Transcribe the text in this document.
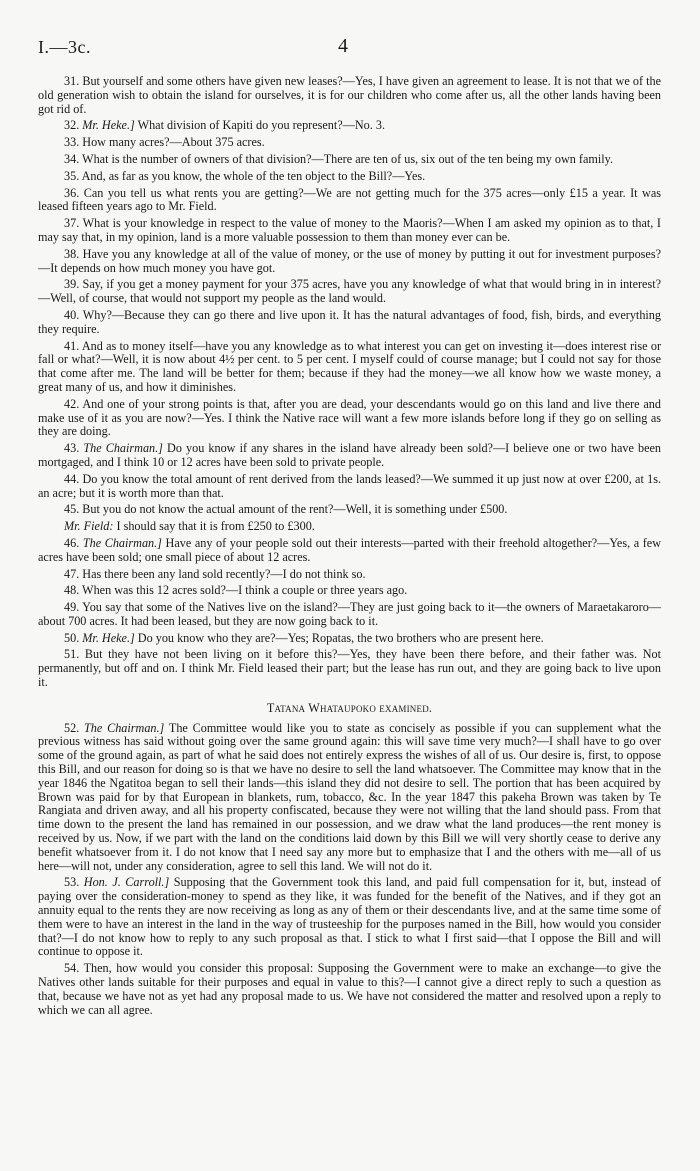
I.—3c.	4

31. But yourself and some others have given new leases?—Yes, I have given an agreement to lease. It is not that we of the old generation wish to obtain the island for ourselves, it is for our children who come after us, all the other lands having been got rid of.

32. Mr. Heke.] What division of Kapiti do you represent?—No. 3.

33. How many acres?—About 375 acres.

34. What is the number of owners of that division?—There are ten of us, six out of the ten being my own family.

35. And, as far as you know, the whole of the ten object to the Bill?—Yes.

36. Can you tell us what rents you are getting?—We are not getting much for the 375 acres—only £15 a year. It was leased fifteen years ago to Mr. Field.

37. What is your knowledge in respect to the value of money to the Maoris?—When I am asked my opinion as to that, I may say that, in my opinion, land is a more valuable possession to them than money ever can be.

38. Have you any knowledge at all of the value of money, or the use of money by putting it out for investment purposes?—It depends on how much money you have got.

39. Say, if you get a money payment for your 375 acres, have you any knowledge of what that would bring in in interest?—Well, of course, that would not support my people as the land would.

40. Why?—Because they can go there and live upon it. It has the natural advantages of food, fish, birds, and everything they require.

41. And as to money itself—have you any knowledge as to what interest you can get on investing it—does interest rise or fall or what?—Well, it is now about 4½ per cent. to 5 per cent. I myself could of course manage; but I could not say for those that come after me. The land will be better for them; because if they had the money—we all know how we waste money, a great many of us, and how it diminishes.

42. And one of your strong points is that, after you are dead, your descendants would go on this land and live there and make use of it as you are now?—Yes. I think the Native race will want a few more islands before long if they go on selling as they are doing.

43. The Chairman.] Do you know if any shares in the island have already been sold?—I believe one or two have been mortgaged, and I think 10 or 12 acres have been sold to private people.

44. Do you know the total amount of rent derived from the lands leased?—We summed it up just now at over £200, at 1s. an acre; but it is worth more than that.

45. But you do not know the actual amount of the rent?—Well, it is something under £500.

Mr. Field: I should say that it is from £250 to £300.

46. The Chairman.] Have any of your people sold out their interests—parted with their freehold altogether?—Yes, a few acres have been sold; one small piece of about 12 acres.

47. Has there been any land sold recently?—I do not think so.

48. When was this 12 acres sold?—I think a couple or three years ago.

49. You say that some of the Natives live on the island?—They are just going back to it—the owners of Maraetakaroro—about 700 acres. It had been leased, but they are now going back to it.

50. Mr. Heke.] Do you know who they are?—Yes; Ropatas, the two brothers who are present here.

51. But they have not been living on it before this?—Yes, they have been there before, and their father was. Not permanently, but off and on. I think Mr. Field leased their part; but the lease has run out, and they are going back to live upon it.

Tatana Whataupoko examined.

52. The Chairman.] The Committee would like you to state as concisely as possible if you can supplement what the previous witness has said without going over the same ground again: this will save time very much?—I shall have to go over some of the ground again, as part of what he said does not entirely express the wishes of all of us. Our desire is, first, to oppose this Bill, and our reason for doing so is that we have no desire to sell the land whatsoever. The Committee may know that in the year 1846 the Ngatitoa began to sell their lands—this island they did not desire to sell. The portion that has been acquired by Brown was paid for by that European in blankets, rum, tobacco, &c. In the year 1847 this pakeha Brown was taken by Te Rangiata and driven away, and all his property confiscated, because they were not willing that the land should pass. From that time down to the present the land has remained in our possession, and we draw what the land produces—the rent money is received by us. Now, if we part with the land on the conditions laid down by this Bill we will very shortly cease to derive any benefit whatsoever from it. I do not know that I need say any more but to emphasize that I and the others with me—all of us here—will not, under any consideration, agree to sell this land. We will not do it.

53. Hon. J. Carroll.] Supposing that the Government took this land, and paid full compensation for it, but, instead of paying over the consideration-money to spend as they like, it was funded for the benefit of the Natives, and if they got an annuity equal to the rents they are now receiving as long as any of them or their descendants live, and at the same time some of them were to have an interest in the land in the way of trusteeship for the purposes named in the Bill, how would you consider that?—I do not know how to reply to any such proposal as that. I stick to what I first said—that I oppose the Bill and will continue to oppose it.

54. Then, how would you consider this proposal: Supposing the Government were to make an exchange—to give the Natives other lands suitable for their purposes and equal in value to this?—I cannot give a direct reply to such a question as that, because we have not as yet had any proposal made to us. We have not considered the matter and resolved upon a reply to which we can all agree.
